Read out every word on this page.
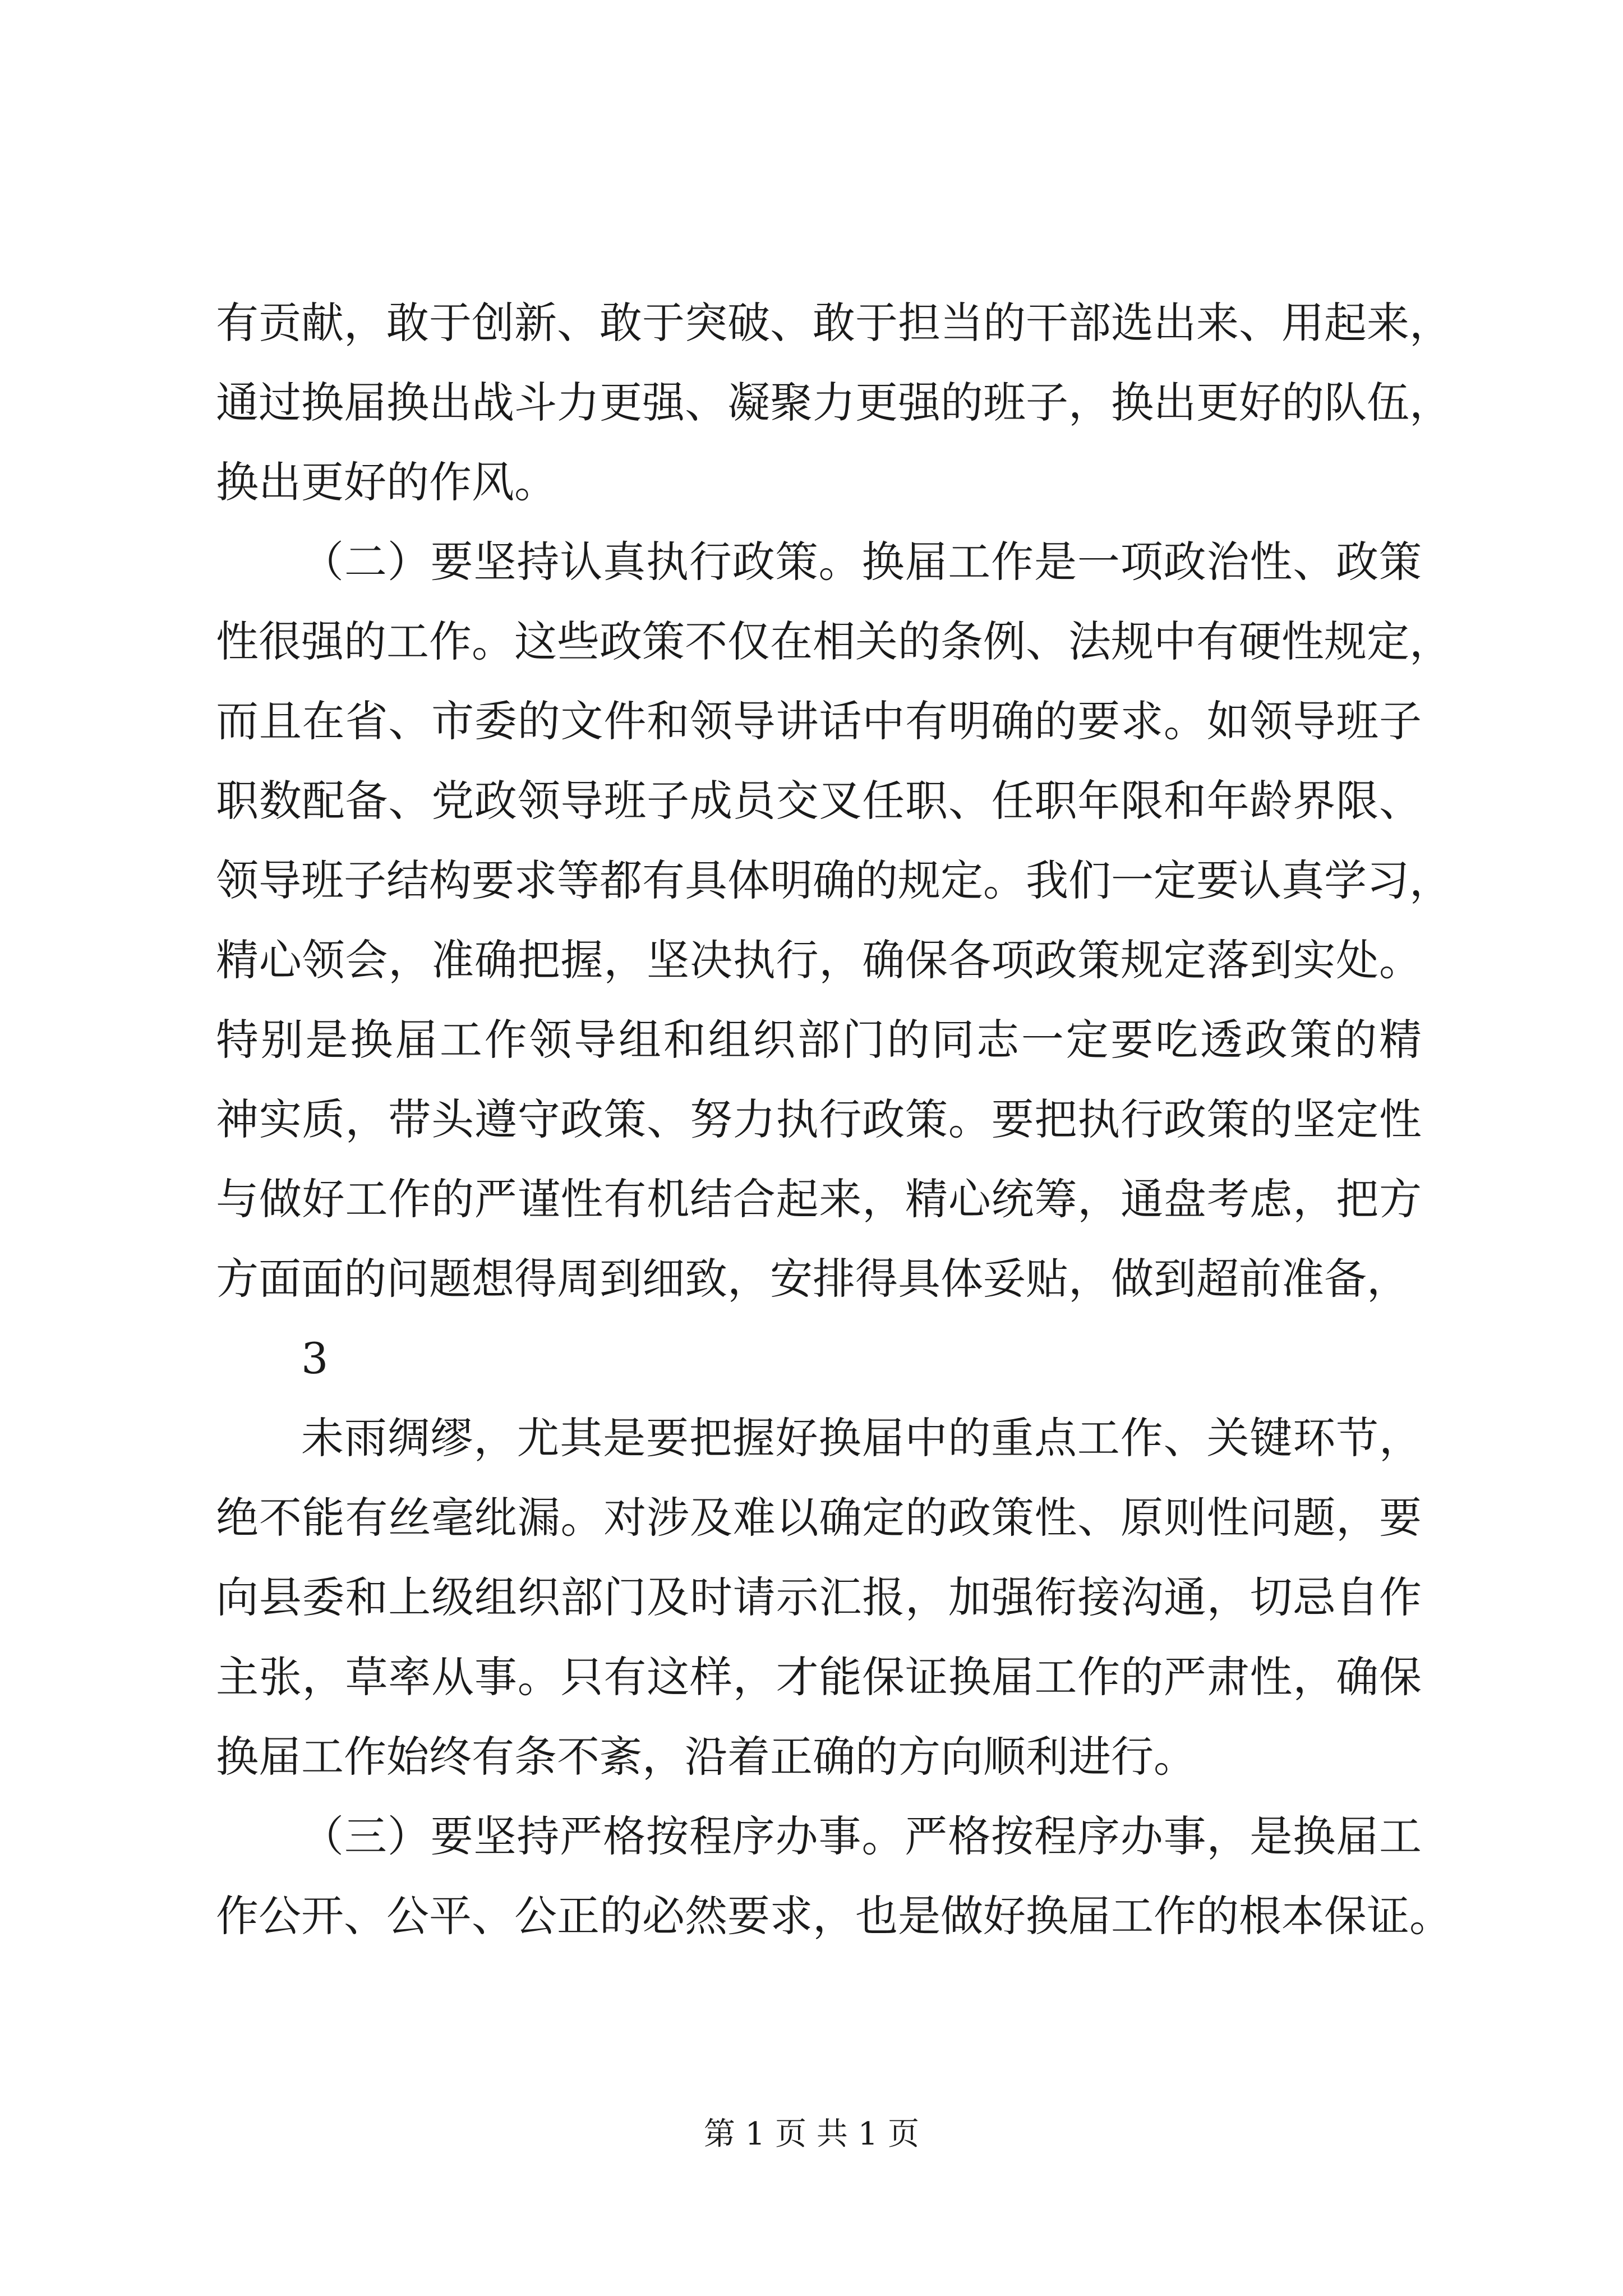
有贡献，敢于创新、敢于突破、敢于担当的干部选出来、用起来，
通过换届换出战斗力更强、凝聚力更强的班子，换出更好的队伍，
换出更好的作风。
（二）要坚持认真执行政策。换届工作是一项政治性、政策
性很强的工作。这些政策不仅在相关的条例、法规中有硬性规定，
而且在省、市委的文件和领导讲话中有明确的要求。如领导班子
职数配备、党政领导班子成员交叉任职、任职年限和年龄界限、
领导班子结构要求等都有具体明确的规定。我们一定要认真学习，
精心领会，准确把握，坚决执行，确保各项政策规定落到实处。
特别是换届工作领导组和组织部门的同志一定要吃透政策的精
神实质，带头遵守政策、努力执行政策。要把执行政策的坚定性
与做好工作的严谨性有机结合起来，精心统筹，通盘考虑，把方
方面面的问题想得周到细致，安排得具体妥贴，做到超前准备，
3
未雨绸缪，尤其是要把握好换届中的重点工作、关键环节，
绝不能有丝毫纰漏。对涉及难以确定的政策性、原则性问题，要
向县委和上级组织部门及时请示汇报，加强衔接沟通，切忌自作
主张，草率从事。只有这样，才能保证换届工作的严肃性，确保
换届工作始终有条不紊，沿着正确的方向顺利进行。
（三）要坚持严格按程序办事。严格按程序办事，是换届工
作公开、公平、公正的必然要求，也是做好换届工作的根本保证。
第 1 页 共 1 页
